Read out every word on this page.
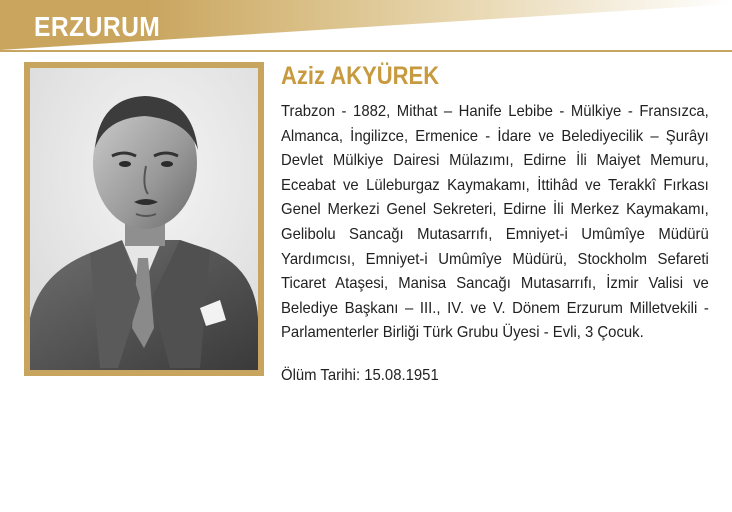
ERZURUM
Aziz AKYÜREK
Trabzon - 1882, Mithat – Hanife Lebibe - Mülkiye - Fransızca, Almanca, İngilizce, Ermenice - İdare ve Belediyecilik – Şurâyı Devlet Mülkiye Dairesi Mülazımı, Edirne İli Maiyet Memuru, Eceabat ve Lüleburgaz Kaymakamı, İttihâd ve Terakkî Fırkası Genel Merkezi Genel Sekreteri, Edirne İli Merkez Kaymakamı, Gelibolu Sancağı Mutasarrıfı, Emniyet-i Umûmîye Müdürü Yardımcısı, Emniyet-i Umûmîye Müdürü, Stockholm Sefareti Ticaret Ataşesi, Manisa Sancağı Mutasarrıfı, İzmir Valisi ve Belediye Başkanı – III., IV. ve V. Dönem Erzurum Milletvekili - Parlamenterler Birliği Türk Grubu Üyesi - Evli, 3 Çocuk.
Ölüm Tarihi: 15.08.1951
